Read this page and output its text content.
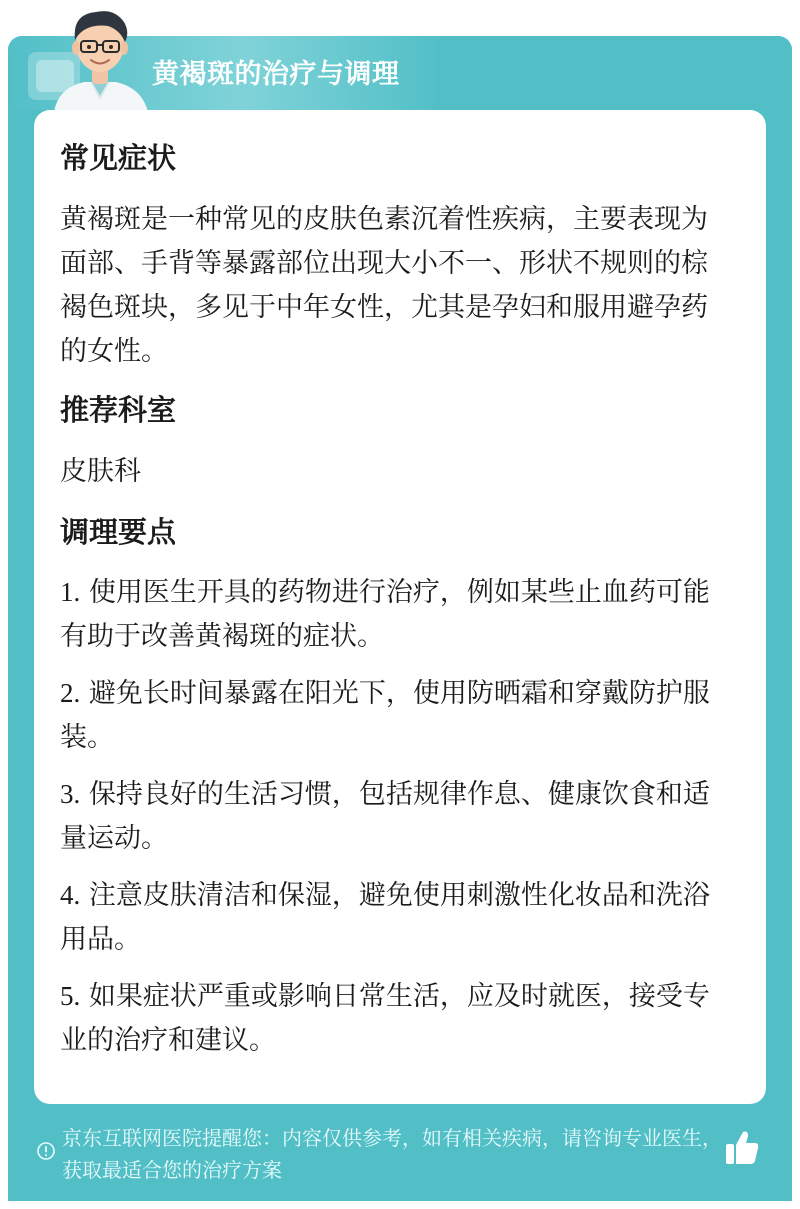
黄褐斑的治疗与调理
常见症状

黄褐斑是一种常见的皮肤色素沉着性疾病，主要表现为面部、手背等暴露部位出现大小不一、形状不规则的棕褐色斑块，多见于中年女性，尤其是孕妇和服用避孕药的女性。

推荐科室

皮肤科

调理要点

1. 使用医生开具的药物进行治疗，例如某些止血药可能有助于改善黄褐斑的症状。

2. 避免长时间暴露在阳光下，使用防晒霜和穿戴防护服装。

3. 保持良好的生活习惯，包括规律作息、健康饮食和适量运动。

4. 注意皮肤清洁和保湿，避免使用刺激性化妆品和洗浴用品。

5. 如果症状严重或影响日常生活，应及时就医，接受专业的治疗和建议。

京东互联网医院提醒您：内容仅供参考，如有相关疾病，请咨询专业医生，获取最适合您的治疗方案
